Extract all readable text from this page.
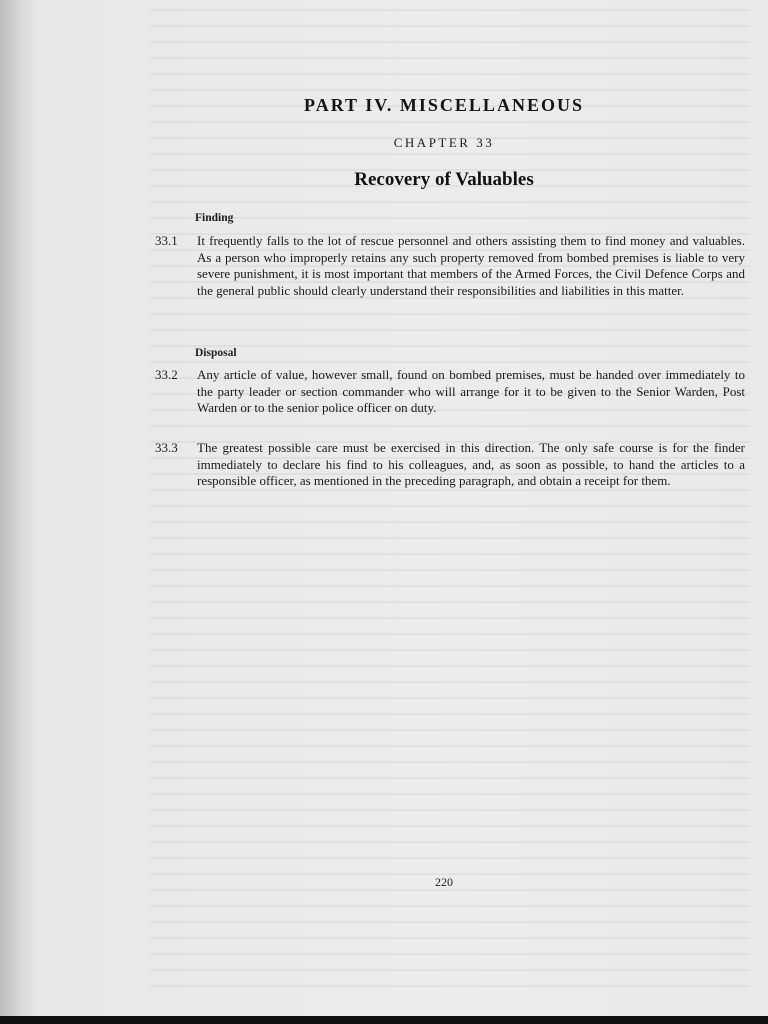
PART IV. MISCELLANEOUS
CHAPTER 33
Recovery of Valuables
Finding
33.1 It frequently falls to the lot of rescue personnel and others assisting them to find money and valuables. As a person who improperly retains any such property removed from bombed premises is liable to very severe punishment, it is most important that members of the Armed Forces, the Civil Defence Corps and the general public should clearly understand their responsibilities and liabilities in this matter.
Disposal
33.2 Any article of value, however small, found on bombed premises, must be handed over immediately to the party leader or section commander who will arrange for it to be given to the Senior Warden, Post Warden or to the senior police officer on duty.
33.3 The greatest possible care must be exercised in this direction. The only safe course is for the finder immediately to declare his find to his colleagues, and, as soon as possible, to hand the articles to a responsible officer, as mentioned in the preceding paragraph, and obtain a receipt for them.
220
